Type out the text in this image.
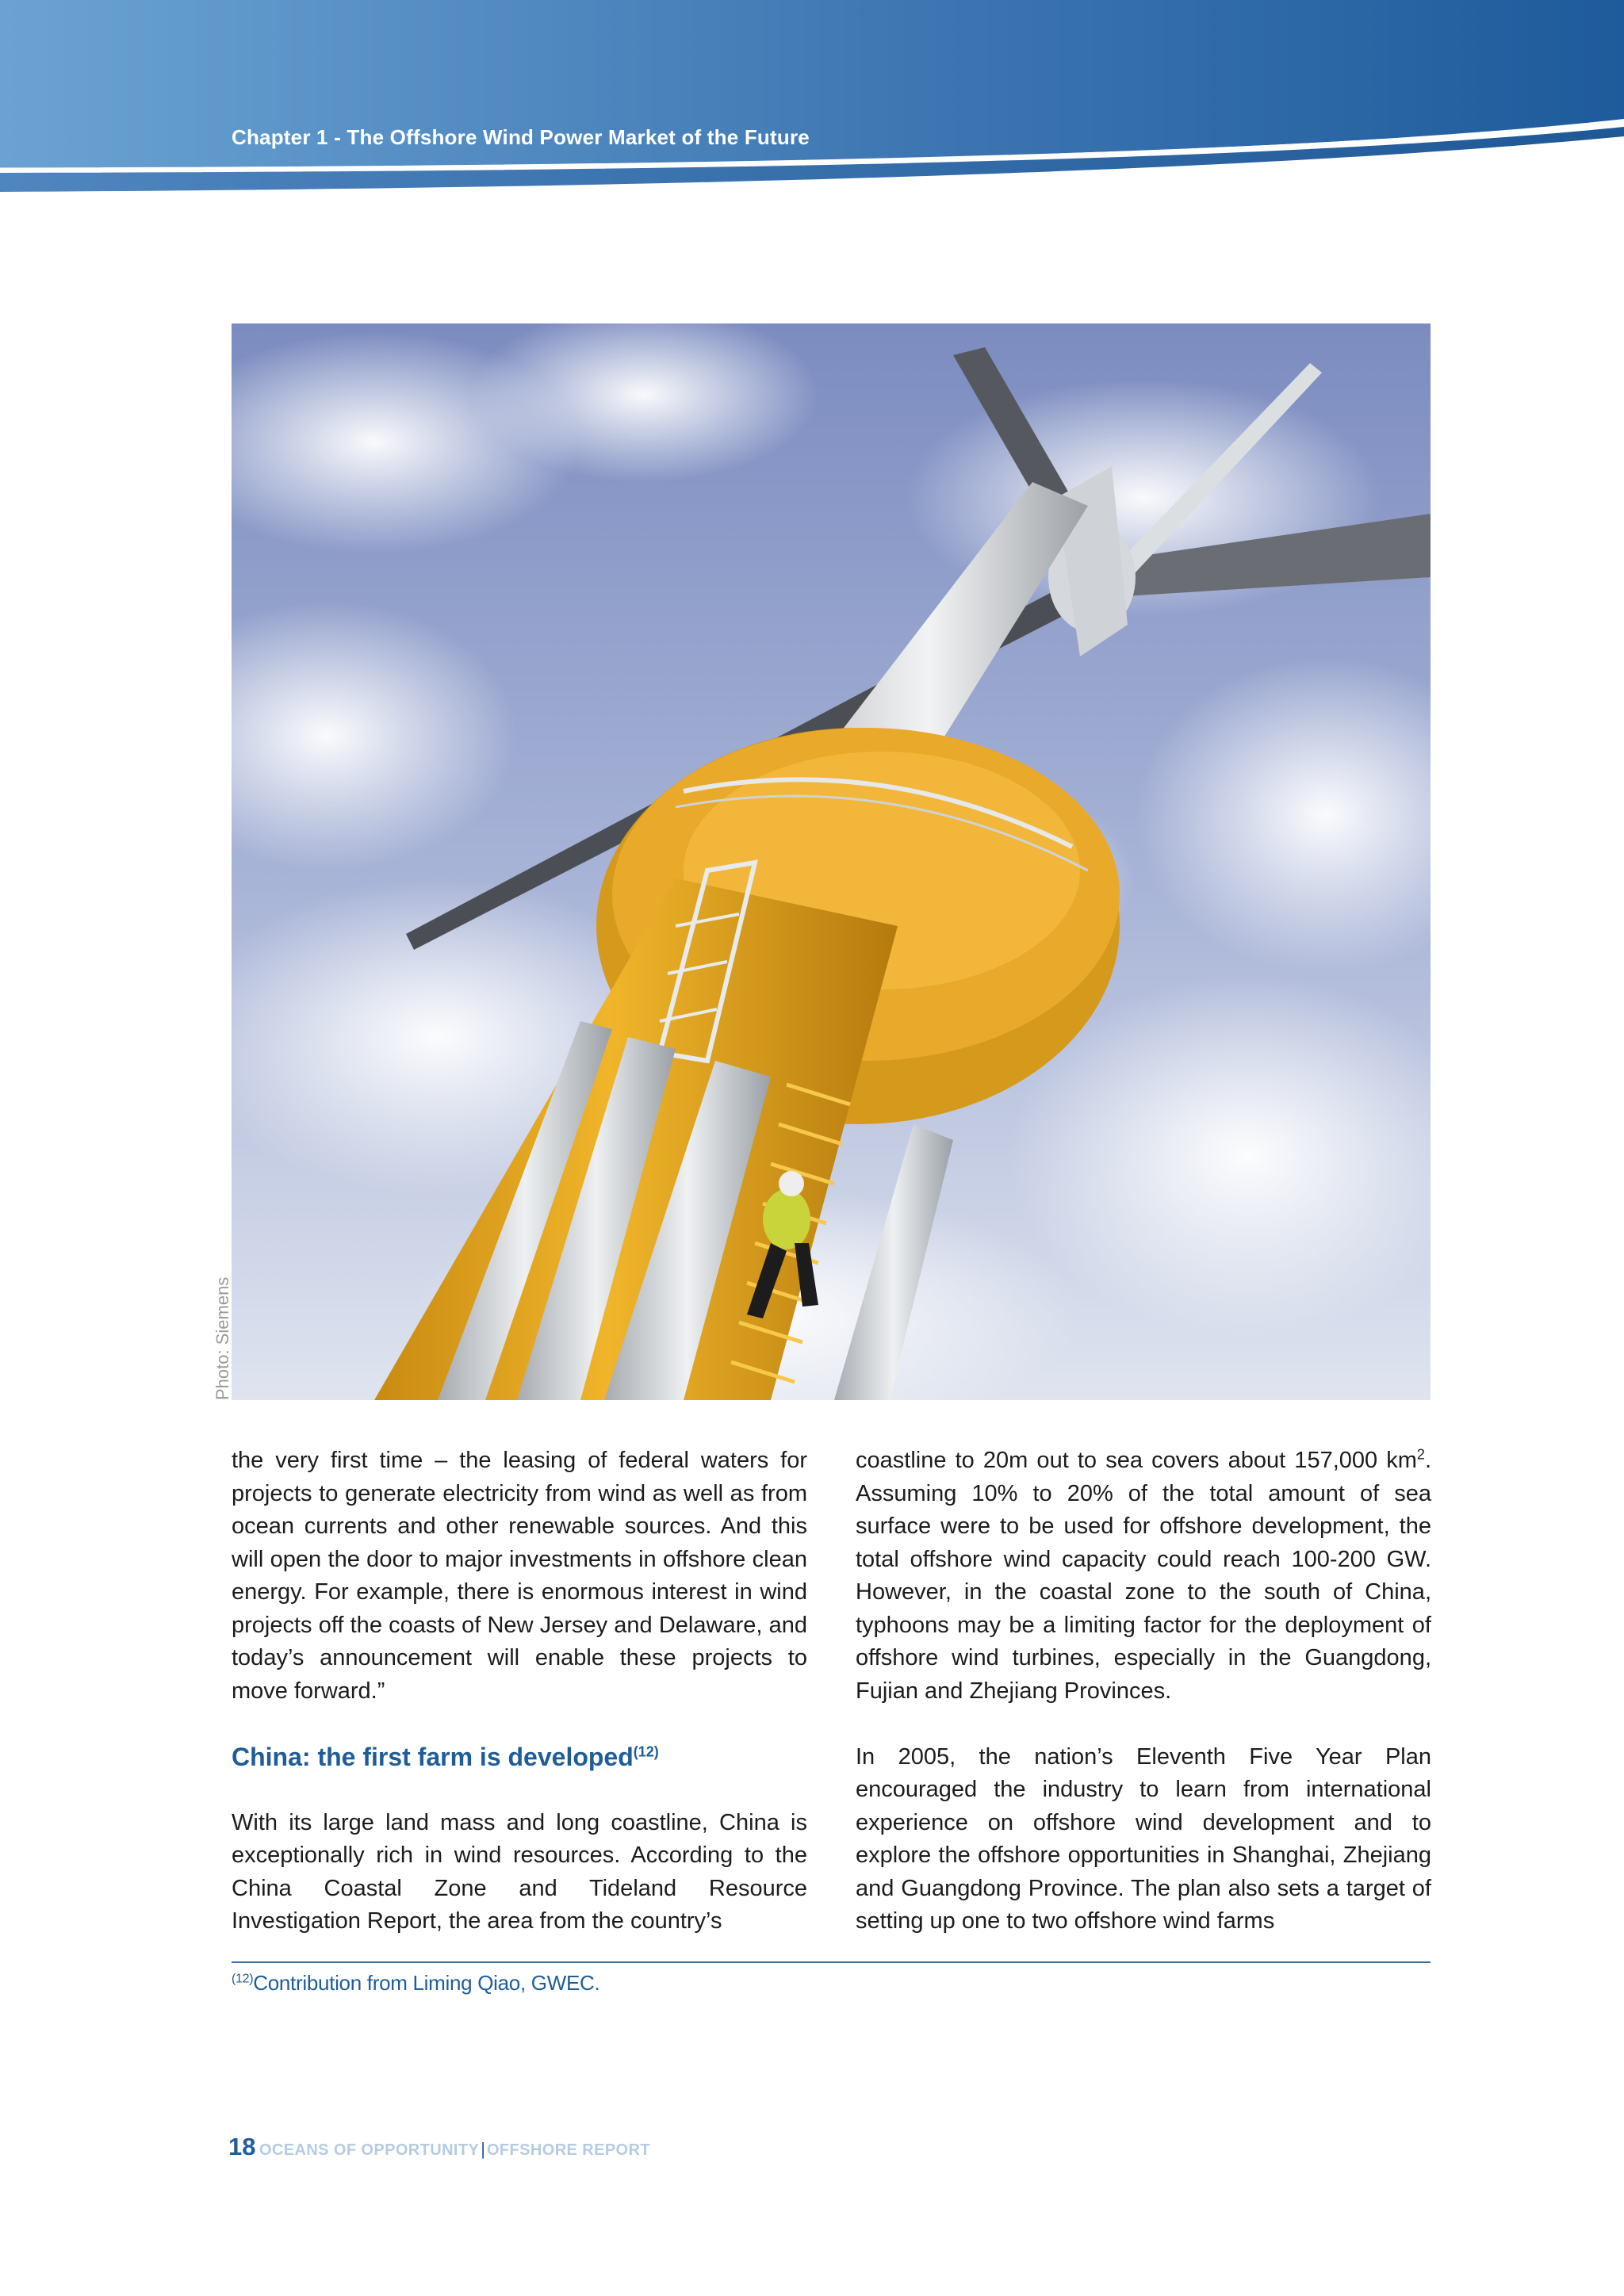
Chapter 1 - The Offshore Wind Power Market of the Future
Photo: Siemens

the very first time – the leasing of federal waters for projects to generate electricity from wind as well as from ocean currents and other renewable sources. And this will open the door to major investments in offshore clean energy. For example, there is enormous interest in wind projects off the coasts of New Jersey and Delaware, and today’s announcement will enable these projects to move forward.”

China: the first farm is developed$^{(12)}$

With its large land mass and long coastline, China is exceptionally rich in wind resources. According to the China Coastal Zone and Tideland Resource Investigation Report, the area from the country’s

coastline to 20m out to sea covers about 157,000 $km^2$. Assuming 10% to 20% of the total amount of sea surface were to be used for offshore development, the total offshore wind capacity could reach 100-200 GW. However, in the coastal zone to the south of China, typhoons may be a limiting factor for the deployment of offshore wind turbines, especially in the Guangdong, Fujian and Zhejiang Provinces.

In 2005, the nation’s Eleventh Five Year Plan encouraged the industry to learn from international experience on offshore wind development and to explore the offshore opportunities in Shanghai, Zhejiang and Guangdong Province. The plan also sets a target of setting up one to two offshore wind farms

$^{(12)}$Contribution from Liming Qiao, GWEC.
18 OCEANS OF OPPORTUNITY| OFFSHORE REPORT
